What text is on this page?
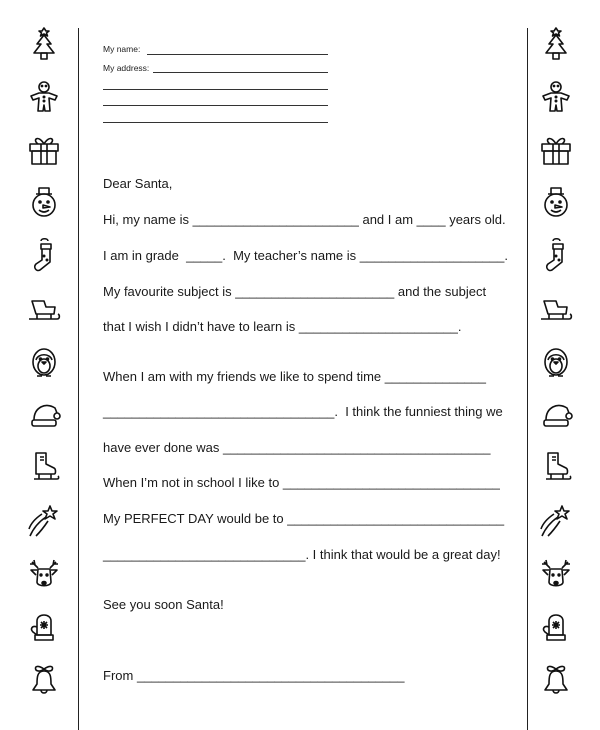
My name:
My address:
Dear Santa,
Hi, my name is _______________________ and I am ____ years old.
I am in grade  _____.  My teacher’s name is ____________________.
My favourite subject is ______________________ and the subject
that I wish I didn’t have to learn is ______________________.
When I am with my friends we like to spend time ______________
________________________________.  I think the funniest thing we
have ever done was _____________________________________
When I’m not in school I like to ______________________________
My PERFECT DAY would be to ______________________________
____________________________. I think that would be a great day!
See you soon Santa!
From _____________________________________
